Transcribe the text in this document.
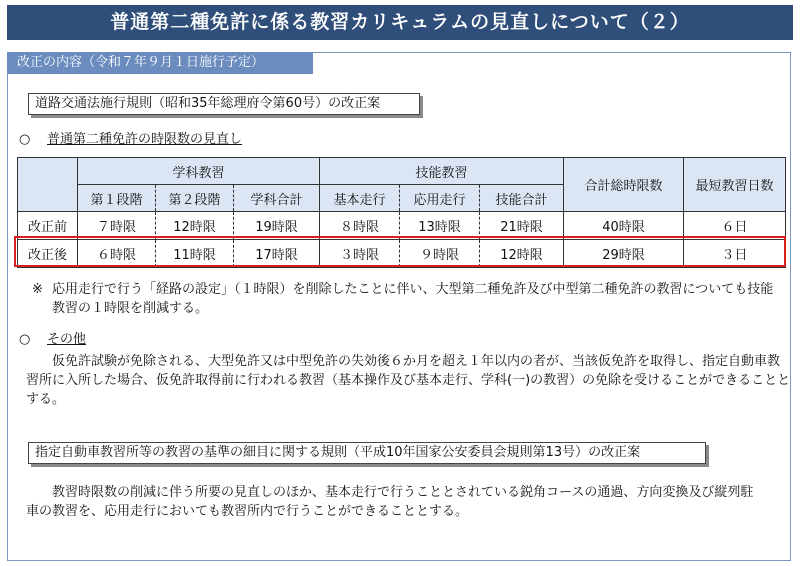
普通第二種免許に係る教習カリキュラムの見直しについて（２）
改正の内容（令和７年９月１日施行予定）
道路交通法施行規則（昭和35年総理府令第60号）の改正案
○ 普通第二種免許の時限数の見直し
	学科教習			技能教習			合計総時限数	最短教習日数
	第１段階	第２段階	学科合計	基本走行	応用走行	技能合計		
改正前	７時限	12時限	19時限	８時限	13時限	21時限	40時限	６日
改正後	６時限	11時限	17時限	３時限	９時限	12時限	29時限	３日
※ 応用走行で行う「経路の設定」（１時限）を削除したことに伴い、大型第二種免許及び中型第二種免許の教習についても技能教習の１時限を削減する。
○ その他
仮免許試験が免除される、大型免許又は中型免許の失効後６か月を超え１年以内の者が、当該仮免許を取得し、指定自動車教習所に入所した場合、仮免許取得前に行われる教習（基本操作及び基本走行、学科(一)の教習）の免除を受けることができることとする。
指定自動車教習所等の教習の基準の細目に関する規則（平成10年国家公安委員会規則第13号）の改正案
教習時限数の削減に伴う所要の見直しのほか、基本走行で行うこととされている鋭角コースの通過、方向変換及び縦列駐車の教習を、応用走行においても教習所内で行うことができることとする。
